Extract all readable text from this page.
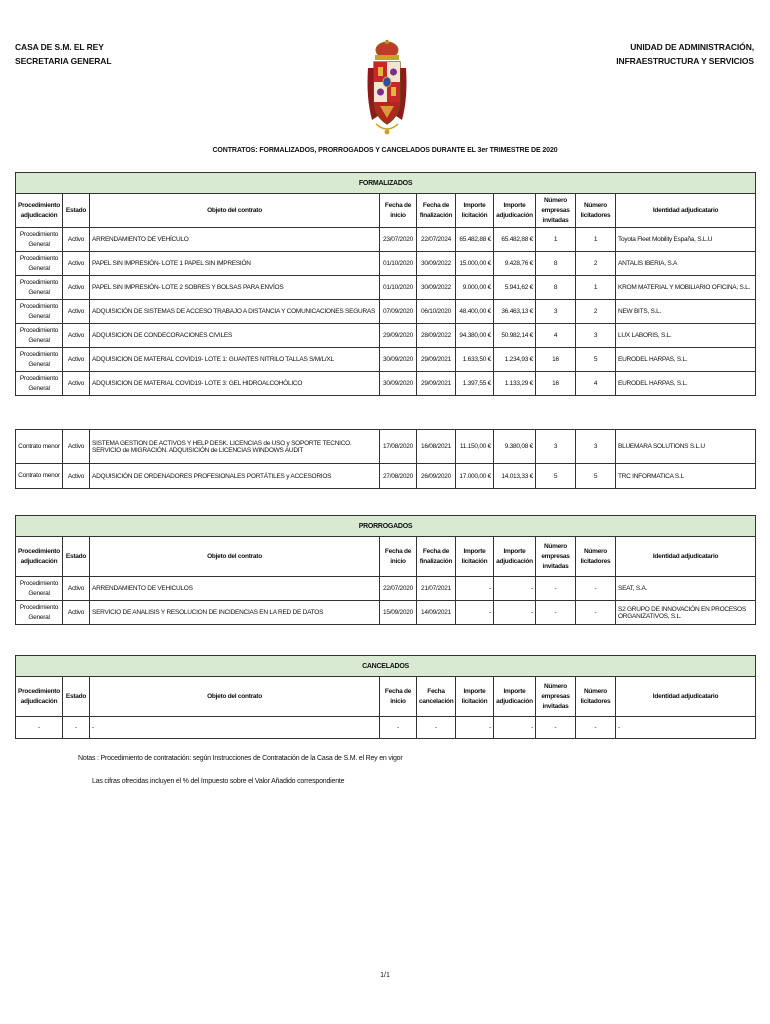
CASA DE S.M. EL REY
SECRETARIA GENERAL
UNIDAD DE ADMINISTRACIÓN,
INFRAESTRUCTURA Y SERVICIOS
CONTRATOS: FORMALIZADOS, PRORROGADOS Y CANCELADOS DURANTE EL 3er TRIMESTRE DE 2020
FORMALIZADOS									
Procedimiento adjudicación	Estado	Objeto del contrato	Fecha de inicio	Fecha de finalización	Importe licitación	Importe adjudicación	Número empresas invitadas	Número licitadores	Identidad adjudicatario
Procedimiento General	Activo	ARRENDAMIENTO DE VEHÍCULO	23/07/2020	22/07/2024	65.482,88 €	65.482,88 €	1	1	Toyota Fleet Mobility España, S.L.U
Procedimiento General	Activo	PAPEL SIN IMPRESIÓN- LOTE 1 PAPEL SIN IMPRESIÓN	01/10/2020	30/09/2022	15.000,00 €	9.428,76 €	8	2	ANTALIS IBERIA, S.A
Procedimiento General	Activo	PAPEL SIN IMPRESIÓN- LOTE 2 SOBRES Y BOLSAS PARA ENVÍOS	01/10/2020	30/09/2022	9.000,00 €	5.941,62 €	8	1	KROM MATERIAL Y MOBILIARIO OFICINA, S.L.
Procedimiento General	Activo	ADQUISICIÓN DE SISTEMAS DE ACCESO TRABAJO A DISTANCIA Y COMUNICACIONES SEGURAS	07/09/2020	06/10/2020	48.400,00 €	36.463,13 €	3	2	NEW BITS, S.L.
Procedimiento General	Activo	ADQUISICION DE CONDECORACIONES CIVILES	29/09/2020	28/09/2022	94.380,00 €	50.982,14 €	4	3	LUX LABORIS, S.L.
Procedimiento General	Activo	ADQUISICION DE MATERIAL COVID19- LOTE 1: GUANTES NITRILO TALLAS S/M/L/XL	30/09/2020	29/09/2021	1.633,50 €	1.234,93 €	16	5	EURODEL HARPAS, S.L.
Procedimiento General	Activo	ADQUISICION DE MATERIAL COVID19- LOTE 3: GEL HIDROALCOHÓLICO	30/09/2020	29/09/2021	1.397,55 €	1.133,29 €	16	4	EURODEL HARPAS, S.L.
Contrato menor	Activo	SISTEMA GESTION DE ACTIVOS Y HELP DESK. LICENCIAS de USO y SOPORTE TECNICO. SERVICIO de MIGRACIÓN. ADQUISICIÓN de LICENCIAS WINDOWS AUDIT	17/08/2020	16/08/2021	11.150,00 €	9.380,08 €	3	3	BLUEMARA SOLUTIONS S.L.U
Contrato menor	Activo	ADQUISICIÓN DE ORDENADORES PROFESIONALES PORTÁTILES y ACCESORIOS	27/08/2020	26/09/2020	17.000,00 €	14.013,33 €	5	5	TRC INFORMATICA S.L
PRORROGADOS									
Procedimiento adjudicación	Estado	Objeto del contrato	Fecha de inicio	Fecha de finalización	Importe licitación	Importe adjudicación	Número empresas invitadas	Número licitadores	Identidad adjudicatario
Procedimiento General	Activo	ARRENDAMIENTO DE VEHICULOS	22/07/2020	21/07/2021	-	-	-	-	SEAT, S.A.
Procedimiento General	Activo	SERVICIO DE ANALISIS Y RESOLUCION DE INCIDENCIAS EN LA RED DE DATOS	15/09/2020	14/09/2021	-	-	-	-	S2 GRUPO DE INNOVACIÓN EN PROCESOS ORGANIZATIVOS, S.L.
CANCELADOS									
Procedimiento adjudicación	Estado	Objeto del contrato	Fecha de inicio	Fecha cancelación	Importe licitación	Importe adjudicación	Número empresas invitadas	Número licitadores	Identidad adjudicatario
-	-	-	-	-	-	-	-	-	-
Notas : Procedimiento de contratación: según Instrucciones de Contratación de la Casa de S.M. el Rey en vigor
Las cifras ofrecidas incluyen el % del Impuesto sobre el Valor Añadido correspondiente
1/1
